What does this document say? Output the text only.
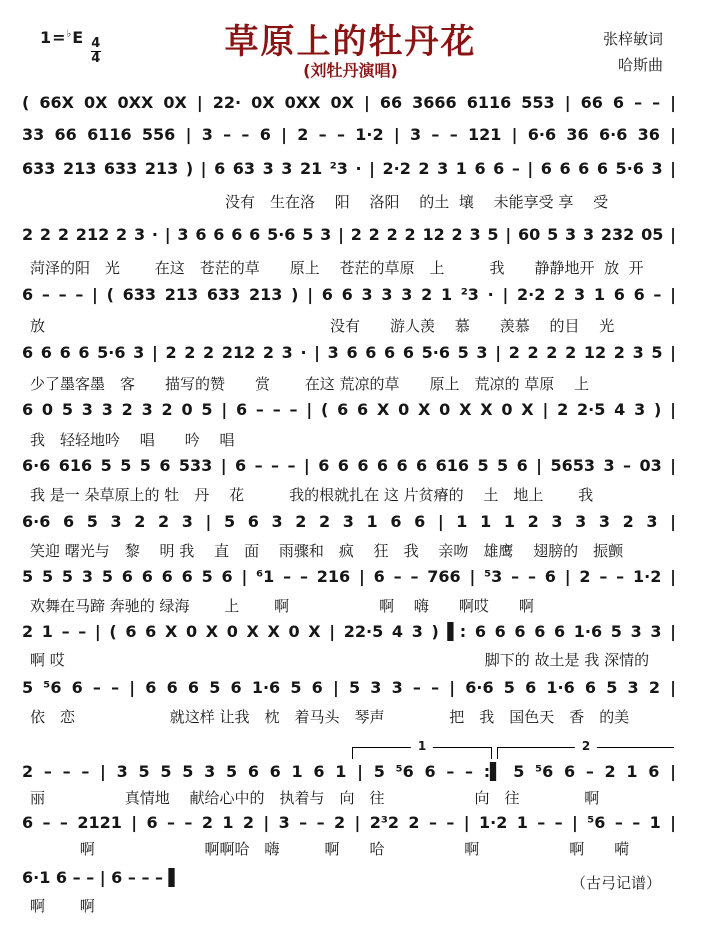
$1=^♭E \frac{4}{4}$	草原上的牡丹花
(刘牡丹演唱)
张梓敏词
哈斯曲
( 66X 0X 0XX 0X | 22· 0X 0XX 0X | 66 3666 6116 553 | 66 6 – – |
33 66 6116 556 | 3 – – 6 | 2 – – 1·2 | 3 – – 121 | 6·6 36 6·6 36 |
633 213 633 213 ) | 6 63 3 3 21 ²3 · | 2·2 2 3 1 6 6 – | 6 6 6 6 5·6 3 |
　　　　　　　　　　　　　没有　生在洛　 阳　 洛阳　 的土  壤　 未能享受 享　 受
2 2 2 212 2 3 · | 3 6 6 6 6 5·6 5 3 | 2 2 2 2 12 2 3 5 | 60 5 3 3 232 05 |
菏泽的阳　光　　 在这　苍茫的草　　原上　 苍茫的草原　上　　　我　　静静地开  放  开
6 – – – | ( 633 213 633 213 ) | 6 6 3 3 3 2 1 ²3 · | 2·2 2 3 1 6 6 – |
放　　　　　　　　　　　　　　　　　　　没有　　游人羡　 慕　　羡慕　 的目　 光
6 6 6 6 5·6 3 | 2 2 2 212 2 3 · | 3 6 6 6 6 5·6 5 3 | 2 2 2 2 12 2 3 5 |
少了墨客墨　客　　描写的赞　　赏　　 在这 荒凉的草　　原上　荒凉的 草原　 上
6 0 5 3 3 2 3 2 0 5 | 6 – – – | ( 6 6 X 0 X 0 X X 0 X | 2 2·5 4 3 ) |
我　轻轻地吟　 唱　　吟　 唱
6·6 616 5 5 5 6 533 | 6 – – – | 6 6 6 6 6 6 616 5 5 6 | 5653 3 – 03 |
我 是一 朵草原上的 牡　丹　 花　　　我的根就扎在 这 片贫瘠的　 土　地上　　 我
6·6 6 5 3 2 2 3 | 5 6 3 2 2 3 1 6 6 | 1 1 1 2 3 3 3 2 3 |
笑迎 曙光与　黎　 明 我　 直　面　 雨骤和　疯　 狂　我　 亲吻　雄鹰　 翅膀的　振颤
5 5 5 3 5 6 6 6 6 5 6 | ⁶1 – – 216 | 6 – – 766 | ⁵3 – – 6 | 2 – – 1·2 |
欢舞在马蹄 奔驰的 绿海　　 上　　 啊　　　　　　啊　 嗨　　啊哎　　啊
2 1 – – | ( 6 6 X 0 X 0 X X 0 X | 22·5 4 3 ) ▌: 6 6 6 6 6 1·6 5 3 3 |
啊 哎　　　　　　　　　　　　　　　　　　　　　　　　　　　　脚下的 故土是 我 深情的
5 ⁵6 6 – – | 6 6 6 5 6 1·6 5 6 | 5 3 3 – – | 6·6 5 6 1·6 6 5 3 2 |
依　恋　　　　　　 就这样 让我　枕　着马头　琴声　　　　 把　我　国色天　香　的美
1	2
2 – – – | 3 5 5 5 3 5 6 6 1 6 1 | 5 ⁵6 6 – – :▌ 5 ⁵6 6 – 2 1 6 |
丽　　　　　 真情地　 献给心中的　执着与　向　往　　　　　　向　往　　　　 啊
6 – – 2121 | 6 – – 2 1 2 | 3 – – 2 | 2³2 2 – – | 1·2 1 – – | ⁵6 – – 1 |
　　　 啊　　　　　　　 啊啊哈　嗨　　　啊　　哈　　　　　 啊　　　　　　啊　　嗬
6·1 6 – – | 6 – – – ▌
啊　　 啊
（古弓记谱）
